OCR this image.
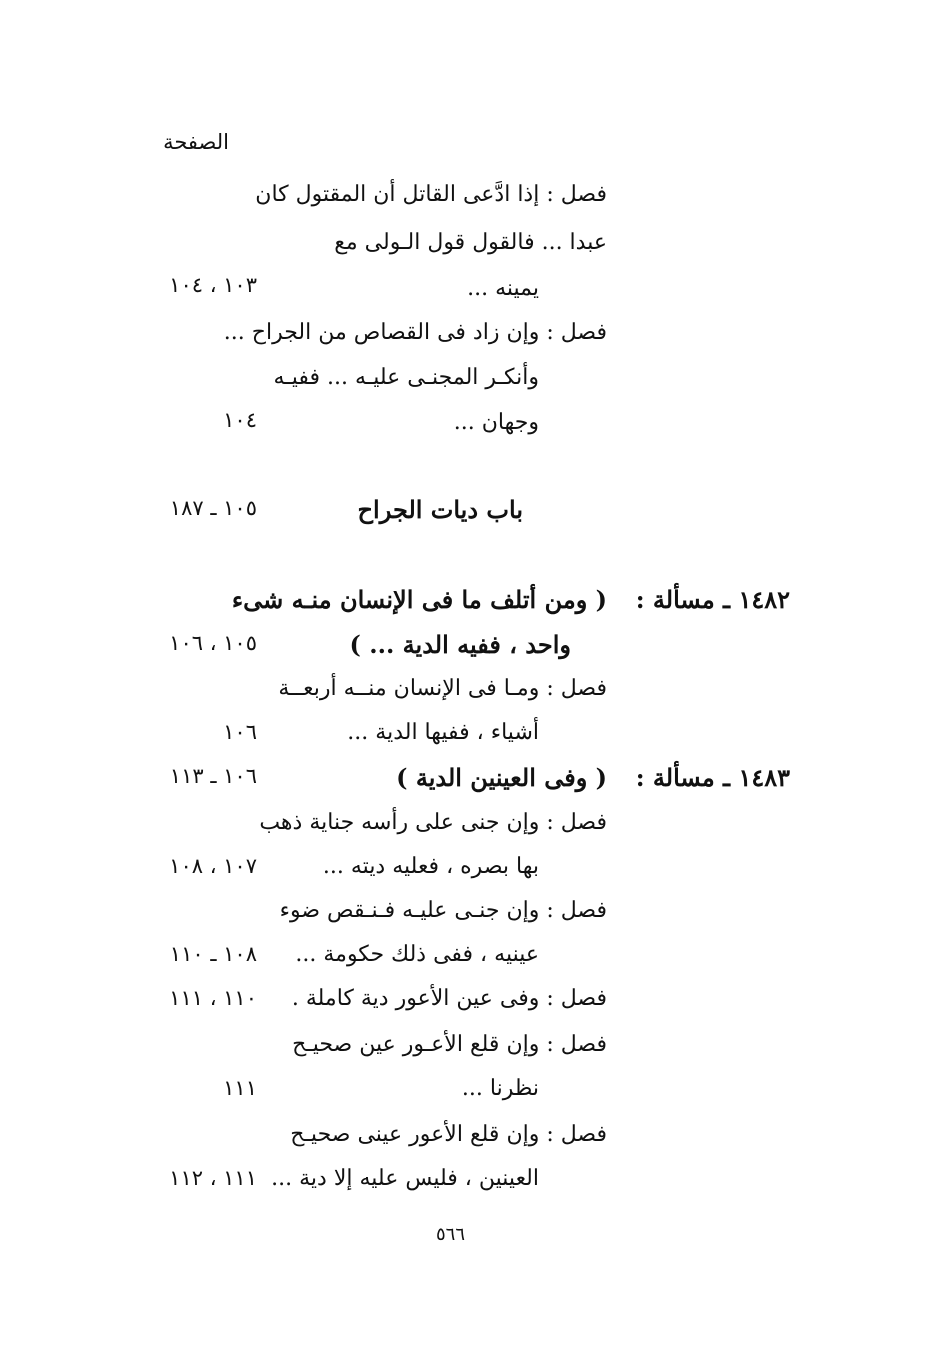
الصفحة
فصل : إذا ادَّعى القاتل أن المقتول كان
عبدا ... فالقول قول الـولى مع
يمينه ...
١٠٣ ، ١٠٤
فصل : وإن زاد فى القصاص من الجراح ...
وأنكـر المجنـى عليـه ... ففيـه
وجهان ...
١٠٤
باب ديات الجراح
١٠٥ ـ ١٨٧
١٤٨٢ ـ مسألة :
( ومن أتلف ما فى الإنسان منـه شىء
واحد ، ففيه الدية ... )
١٠٥ ، ١٠٦
فصل : ومـا فى الإنسان منــه أربعــة
أشياء ، ففيها الدية ...
١٠٦
١٤٨٣ ـ مسألة :
( وفى العينين الدية )
١٠٦ ـ ١١٣
فصل : وإن جنى على رأسه جناية ذهب
بها بصره ، فعليه ديته ...
١٠٧ ، ١٠٨
فصل : وإن جنـى عليـه فـنـقص ضوء
عينيه ، ففى ذلك حكومة ...
١٠٨ ـ ١١٠
فصل : وفى عين الأعور دية كاملة .
١١٠ ، ١١١
فصل : وإن قلع الأعـور عين صحيـح
نظرنا ...
١١١
فصل : وإن قلع الأعور عينى صحيـح
العينين ، فليس عليه إلا دية ...
١١١ ، ١١٢
٥٦٦
